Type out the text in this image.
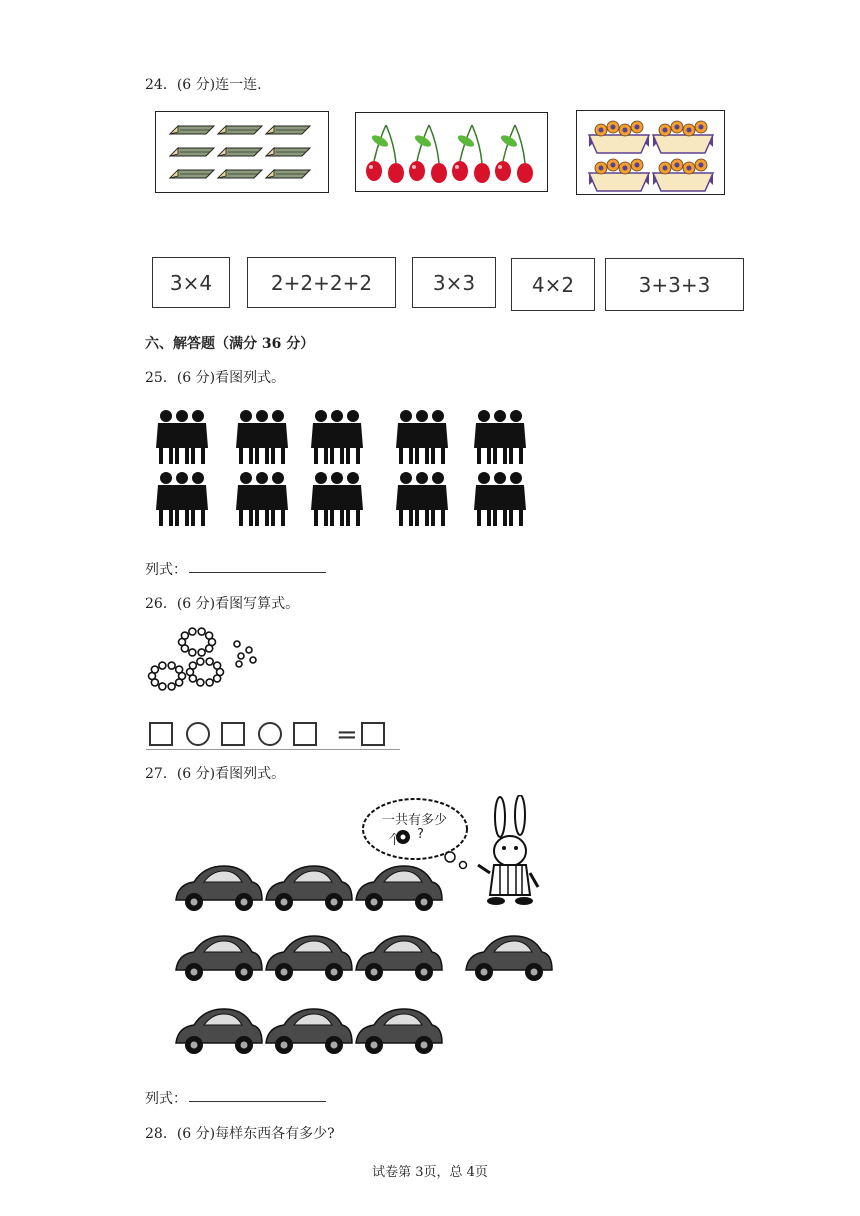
24．(6 分)连一连.
3×4	2+2+2+2	3×3	4×2	3+3+3
六、解答题（满分 36 分）
25．(6 分)看图列式。
列式：
26．(6 分)看图写算式。
=
27．(6 分)看图列式。
一共有多少
个 ?
列式：
28．(6 分)每样东西各有多少?
试卷第 3页，总 4页
